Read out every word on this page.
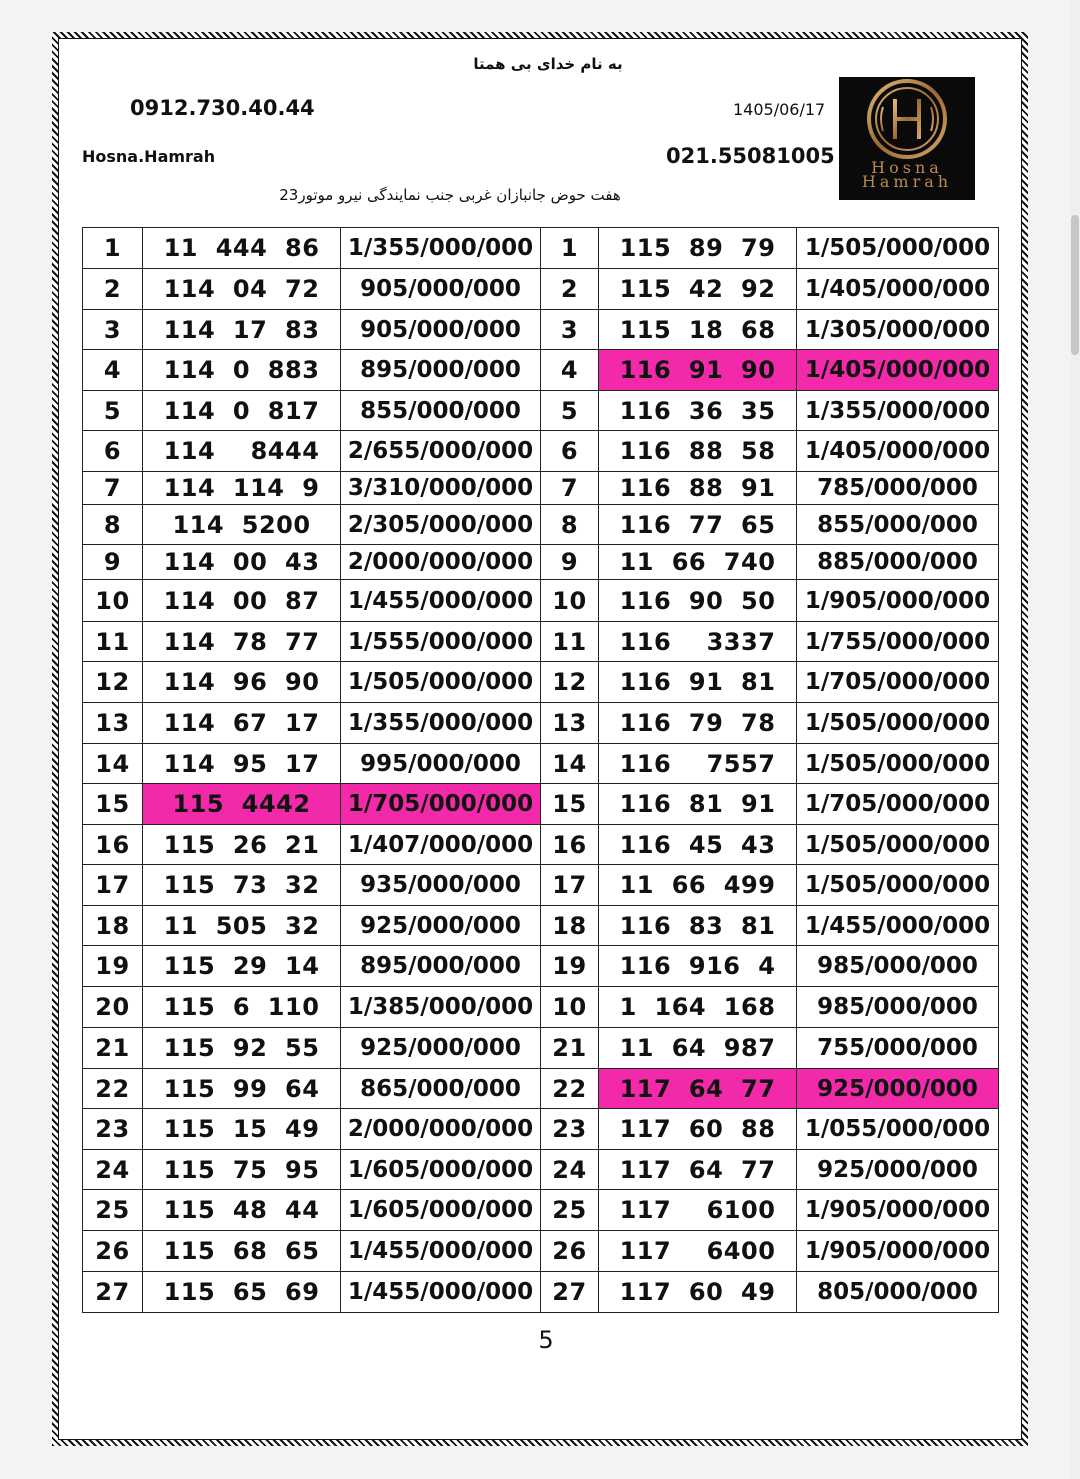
به نام خدای بی همتا
0912.730.40.44	1405/06/17
Hosna.Hamrah	021.55081005
هفت حوض جانبازان غربی جنب نمایندگی نیرو موتور23
Hosna
Hamrah
1	11  444  86	1/355/000/000	1	115  89  79	1/505/000/000
2	114  04  72	905/000/000	2	115  42  92	1/405/000/000
3	114  17  83	905/000/000	3	115  18  68	1/305/000/000
4	114  0  883	895/000/000	4	116  91  90	1/405/000/000
5	114  0  817	855/000/000	5	116  36  35	1/355/000/000
6	114    8444	2/655/000/000	6	116  88  58	1/405/000/000
7	114  114  9	3/310/000/000	7	116  88  91	785/000/000
8	114  5200	2/305/000/000	8	116  77  65	855/000/000
9	114  00  43	2/000/000/000	9	11  66  740	885/000/000
10	114  00  87	1/455/000/000	10	116  90  50	1/905/000/000
11	114  78  77	1/555/000/000	11	116    3337	1/755/000/000
12	114  96  90	1/505/000/000	12	116  91  81	1/705/000/000
13	114  67  17	1/355/000/000	13	116  79  78	1/505/000/000
14	114  95  17	995/000/000	14	116    7557	1/505/000/000
15	115  4442	1/705/000/000	15	116  81  91	1/705/000/000
16	115  26  21	1/407/000/000	16	116  45  43	1/505/000/000
17	115  73  32	935/000/000	17	11  66  499	1/505/000/000
18	11  505  32	925/000/000	18	116  83  81	1/455/000/000
19	115  29  14	895/000/000	19	116  916  4	985/000/000
20	115  6  110	1/385/000/000	10	1  164  168	985/000/000
21	115  92  55	925/000/000	21	11  64  987	755/000/000
22	115  99  64	865/000/000	22	117  64  77	925/000/000
23	115  15  49	2/000/000/000	23	117  60  88	1/055/000/000
24	115  75  95	1/605/000/000	24	117  64  77	925/000/000
25	115  48  44	1/605/000/000	25	117    6100	1/905/000/000
26	115  68  65	1/455/000/000	26	117    6400	1/905/000/000
27	115  65  69	1/455/000/000	27	117  60  49	805/000/000
5
